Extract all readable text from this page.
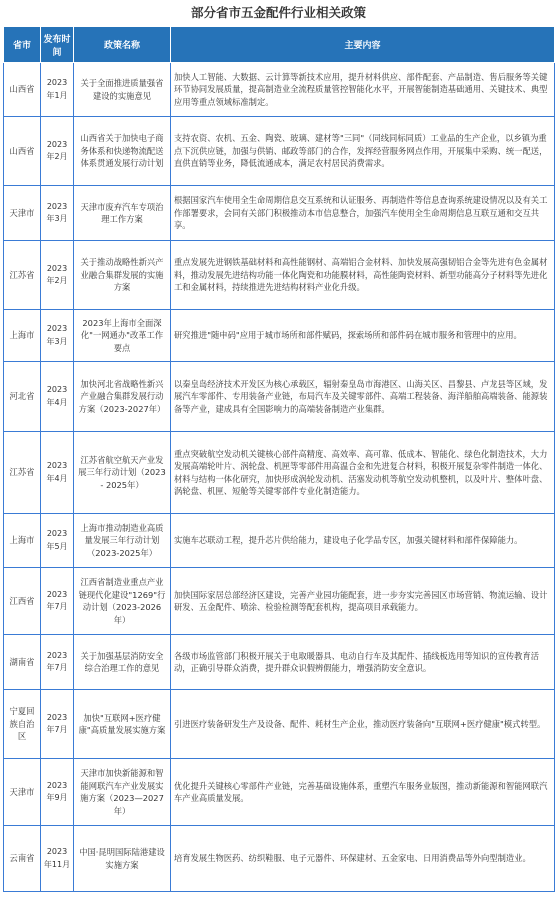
部分省市五金配件行业相关政策
省市	发布时间	政策名称	主要内容
山西省	2023年1月	关于全面推进质量强省建设的实施意见	加快人工智能、大数据、云计算等新技术应用，提升材料供应、部件配套、产品制造、售后服务等关键环节协同发展质量，提高制造业全流程质量管控智能化水平，开展智能制造基础通用、关键技术、典型应用等重点领域标准制定。
山西省	2023年2月	山西省关于加快电子商务体系和快递物流配送体系贯通发展行动计划	支持农资、农机、五金、陶瓷、玻璃、建材等"三同"（同线同标同质）工业品的生产企业，以乡镇为重点下沉供应链，加强与供销、邮政等部门的合作，发挥经营服务网点作用，开展集中采购、统一配送，直供直销等业务，降低流通成本，满足农村居民消费需求。
天津市	2023年3月	天津市废弃汽车专项治理工作方案	根据国家汽车使用全生命周期信息交互系统和认证服务、再制造件等信息查询系统建设情况以及有关工作部署要求，会同有关部门积极推动本市信息整合，加强汽车使用全生命周期信息互联互通和交互共享。
江苏省	2023年2月	关于推动战略性新兴产业融合集群发展的实施方案	重点发展先进钢铁基础材料和高性能钢材、高端铝合金材料、加快发展高强韧铝合金等先进有色金属材料，推动发展先进结构功能一体化陶瓷和功能膜材料，高性能陶瓷材料、新型功能高分子材料等先进化工和金属材料，持续推进先进结构材料产业化升级。
上海市	2023年3月	2023年上海市全面深化"一网通办"改革工作要点	研究推进"随申码"应用于城市场所和部件赋码，探索场所和部件码在城市服务和管理中的应用。
河北省	2023年4月	加快河北省战略性新兴产业融合集群发展行动方案（2023-2027年）	以秦皇岛经济技术开发区为核心承载区，辐射秦皇岛市海港区、山海关区、昌黎县、卢龙县等区域，发展汽车零部件、专用装备产业链，布局汽车及关键零部件、高端工程装备、海洋船舶高端装备、能源装备等产业，建成具有全国影响力的高端装备制造产业集群。
江苏省	2023年4月	江苏省航空航天产业发展三年行动计划（2023 - 2025年）	重点突破航空发动机关键核心部件高精度、高效率、高可靠、低成本、智能化、绿色化制造技术，大力发展高端轮叶片、涡轮盘、机匣等零部件用高温合金和先进复合材料，积极开展复杂零件制造一体化、材料与结构一体化研究，加快形成涡轮发动机、活塞发动机等航空发动机整机，以及叶片、整体叶盘、涡轮盘、机匣、短舱等关键零部件专业化制造能力。
上海市	2023年5月	上海市推动制造业高质量发展三年行动计划（2023-2025年）	实施车芯联动工程，提升芯片供给能力，建设电子化学品专区，加强关键材料和部件保障能力。
江西省	2023年7月	江西省制造业重点产业链现代化建设"1269"行动计划（2023-2026年）	加快国际家居总部经济区建设，完善产业园功能配套，进一步夯实完善园区市场营销、物流运输、设计研发、五金配件、喷涂、检验检测等配套机构，提高项目承载能力。
湖南省	2023年7月	关于加强基层消防安全综合治理工作的意见	各级市场监管部门积极开展关于电取暖器具、电动自行车及其配件、插线板选用等知识的宣传教育活动，正确引导群众消费，提升群众识假辨假能力，增强消防安全意识。
宁夏回族自治区	2023年7月	加快"互联网+医疗健康"高质量发展实施方案	引进医疗装备研发生产及设备、配件、耗材生产企业，推动医疗装备向"互联网+医疗健康"模式转型。
天津市	2023年9月	天津市加快新能源和智能网联汽车产业发展实施方案（2023—2027年）	优化提升关键核心零部件产业链，完善基础设施体系，重塑汽车服务业版图，推动新能源和智能网联汽车产业高质量发展。
云南省	2023年11月	中国·昆明国际陆港建设实施方案	培育发展生物医药、纺织鞋服、电子元器件、环保建材、五金家电、日用消费品等外向型制造业。
